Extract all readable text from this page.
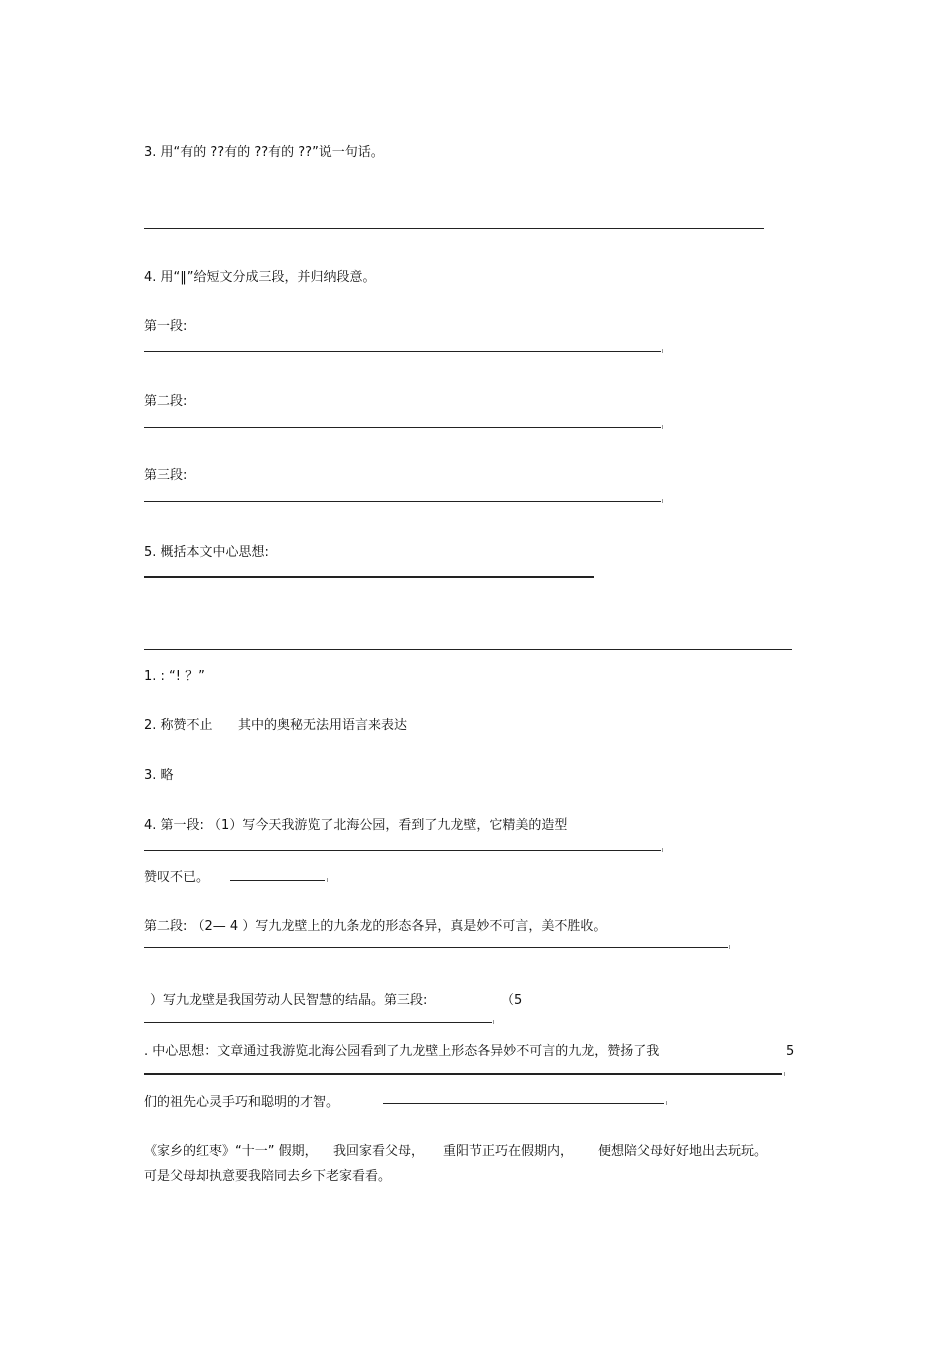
3. 用“有的 ??有的 ??有的 ??”说一句话。
4. 用“‖”给短文分成三段，并归纳段意。
第一段:
第二段:
第三段:
5. 概括本文中心思想:
1. : “! ？”
2. 称赞不止 其中的奥秘无法用语言来表达
3. 略
4. 第一段: （1）写今天我游览了北海公园，看到了九龙壁，它精美的造型
赞叹不已。
第二段: （2— 4 ）写九龙壁上的九条龙的形态各异，真是妙不可言，美不胜收。
）写九龙壁是我国劳动人民智慧的结晶。第三段:	（5
. 中心思想：文章通过我游览北海公园看到了九龙壁上形态各异妙不可言的九龙，赞扬了我	5
们的祖先心灵手巧和聪明的才智。
《家乡的红枣》“十一” 假期， 我回家看父母， 重阳节正巧在假期内， 便想陪父母好好地出去玩玩。
可是父母却执意要我陪同去乡下老家看看。
